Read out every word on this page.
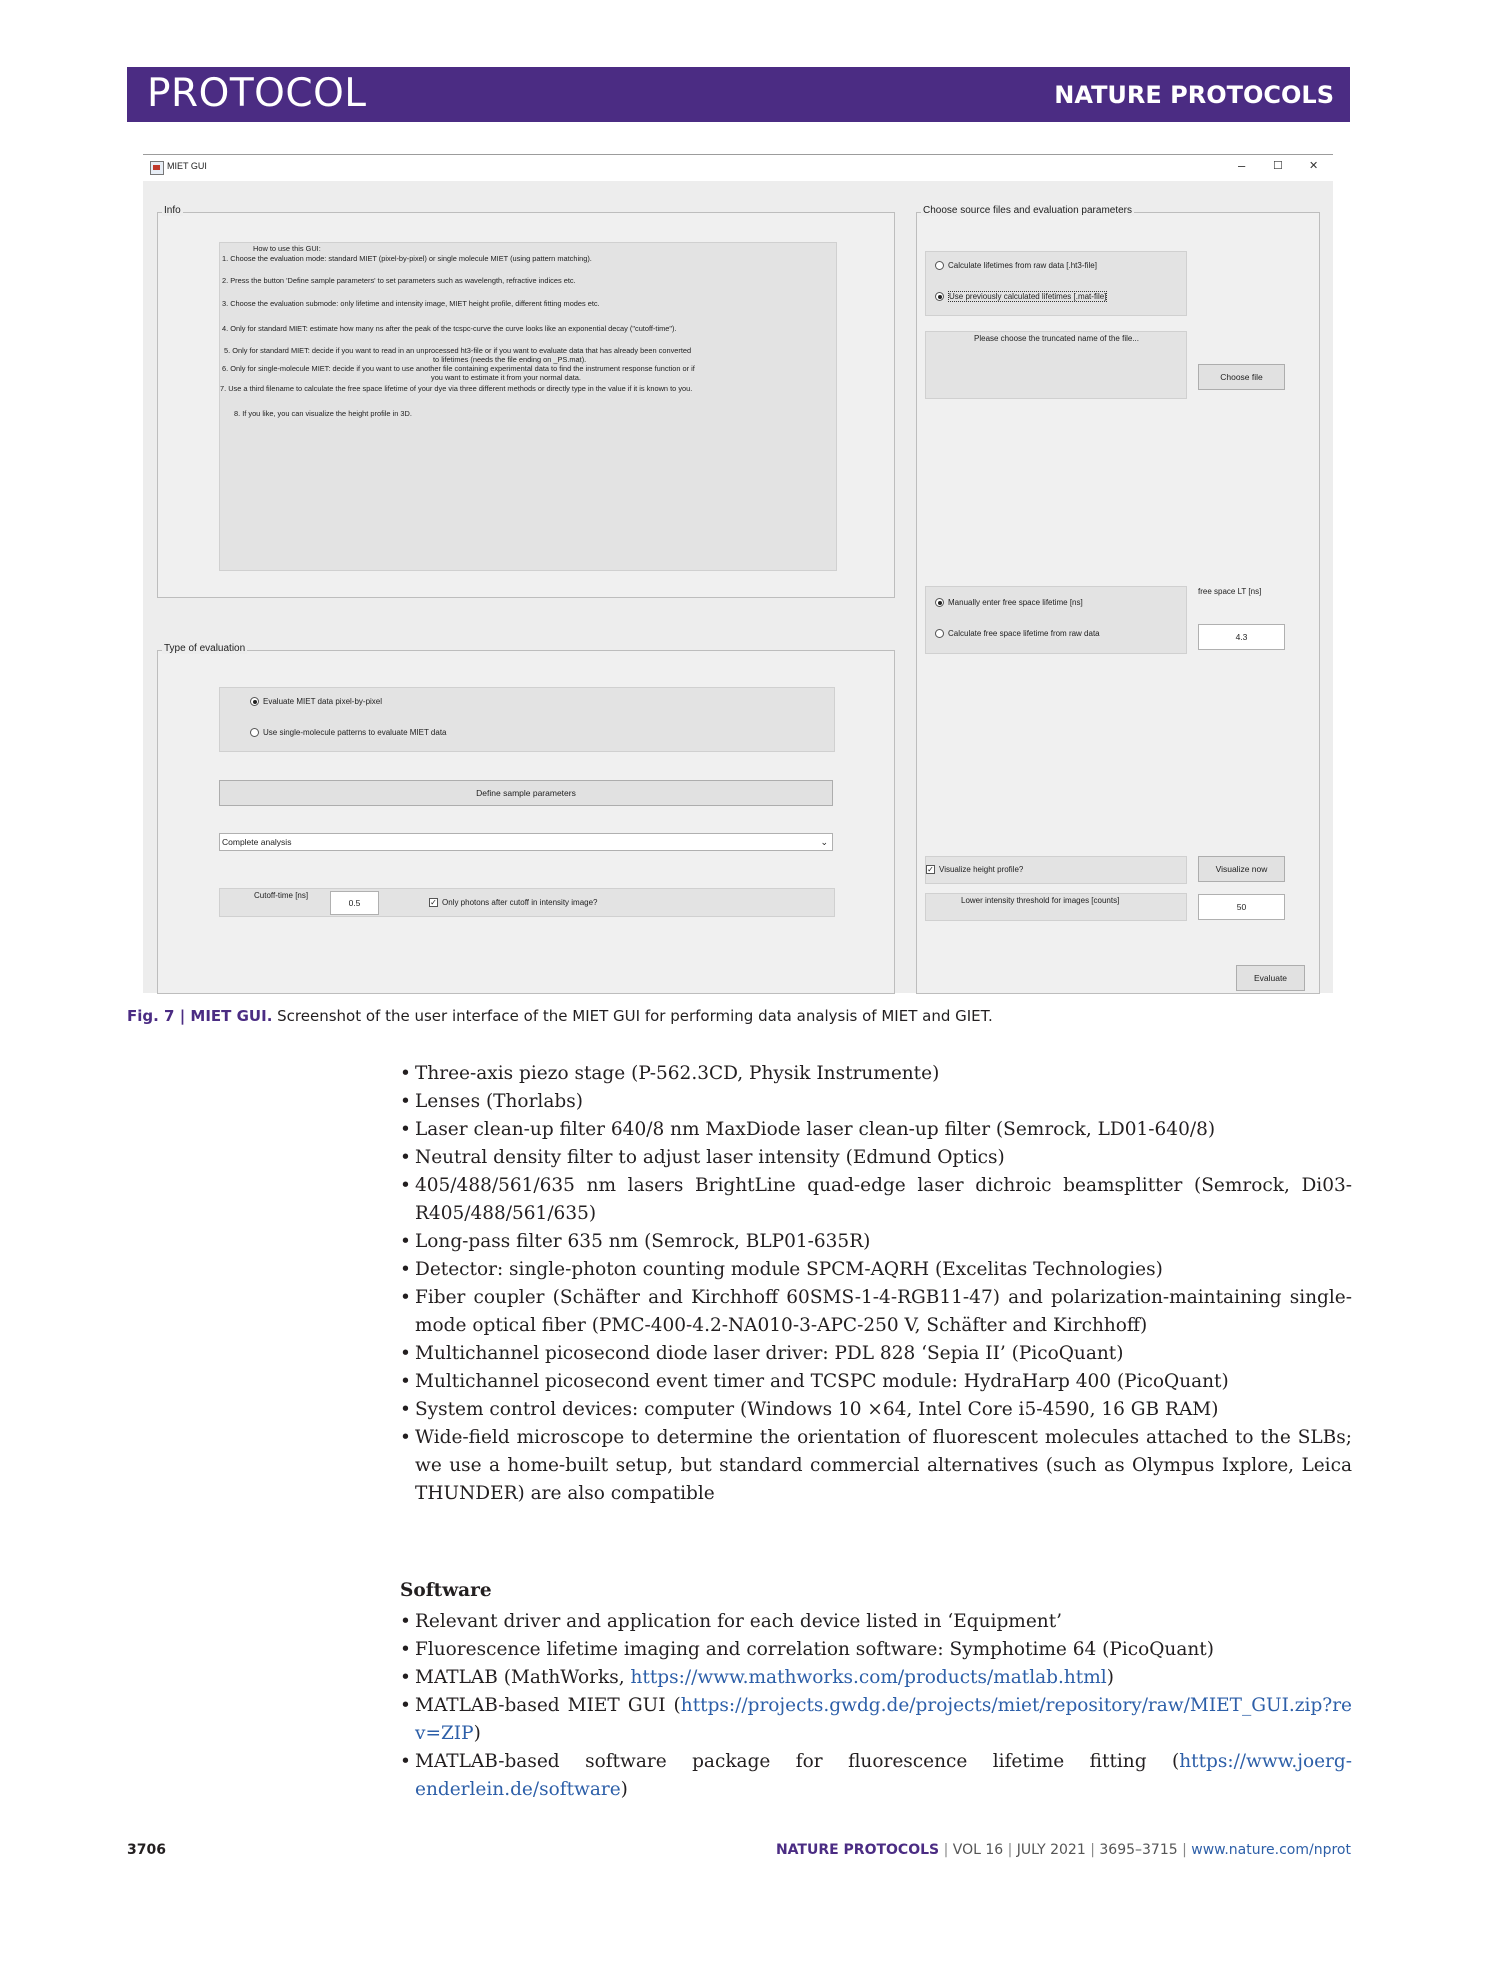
PROTOCOL	NATURE PROTOCOLS
MIET GUI	–	☐ ✕
Info
How to use this GUI:
1. Choose the evaluation mode: standard MIET (pixel-by-pixel) or single molecule MIET (using pattern matching).
2. Press the button 'Define sample parameters' to set parameters such as wavelength, refractive indices etc.
3. Choose the evaluation submode: only lifetime and intensity image, MIET height profile, different fitting modes etc.
4. Only for standard MIET: estimate how many ns after the peak of the tcspc-curve the curve looks like an exponential decay ("cutoff-time").
5. Only for standard MIET: decide if you want to read in an unprocessed ht3-file or if you want to evaluate data that has already been converted
to lifetimes (needs the file ending on _PS.mat).
6. Only for single-molecule MIET: decide if you want to use another file containing experimental data to find the instrument response function or if
you want to estimate it from your normal data.
7. Use a third filename to calculate the free space lifetime of your dye via three different methods or directly type in the value if it is known to you.
8. If you like, you can visualize the height profile in 3D.
Type of evaluation
Evaluate MIET data pixel-by-pixel
Use single-molecule patterns to evaluate MIET data
Define sample parameters
Complete analysis	⌄
Cutoff-time [ns]
✓ Only photons after cutoff in intensity image?
0.5
Choose source files and evaluation parameters
Calculate lifetimes from raw data [.ht3-file]
Use previously calculated lifetimes [.mat-file]
Please choose the truncated name of the file...
Choose file
Manually enter free space lifetime [ns]
Calculate free space lifetime from raw data
free space LT [ns]
4.3
✓ Visualize height profile?	Visualize now
Lower intensity threshold for images [counts]
50
Evaluate
Fig. 7 | MIET GUI. Screenshot of the user interface of the MIET GUI for performing data analysis of MIET and GIET.
• Three-axis piezo stage (P-562.3CD, Physik Instrumente)
• Lenses (Thorlabs)
• Laser clean-up filter 640/8 nm MaxDiode laser clean-up filter (Semrock, LD01-640/8)
• Neutral density filter to adjust laser intensity (Edmund Optics)
• 405/488/561/635 nm lasers BrightLine quad-edge laser dichroic beamsplitter (Semrock, Di03-R405/488/561/635)
• Long-pass filter 635 nm (Semrock, BLP01-635R)
• Detector: single-photon counting module SPCM-AQRH (Excelitas Technologies)
• Fiber coupler (Schäfter and Kirchhoff 60SMS-1-4-RGB11-47) and polarization-maintaining single-mode optical fiber (PMC-400-4.2-NA010-3-APC-250 V, Schäfter and Kirchhoff)
• Multichannel picosecond diode laser driver: PDL 828 ‘Sepia II’ (PicoQuant)
• Multichannel picosecond event timer and TCSPC module: HydraHarp 400 (PicoQuant)
• System control devices: computer (Windows 10 ×64, Intel Core i5-4590, 16 GB RAM)
• Wide-field microscope to determine the orientation of fluorescent molecules attached to the SLBs; we use a home-built setup, but standard commercial alternatives (such as Olympus Ixplore, Leica THUNDER) are also compatible
Software
• Relevant driver and application for each device listed in ‘Equipment’
• Fluorescence lifetime imaging and correlation software: Symphotime 64 (PicoQuant)
• MATLAB (MathWorks, https://www.mathworks.com/products/matlab.html)
• MATLAB-based MIET GUI (https://projects.gwdg.de/projects/miet/repository/raw/MIET_GUI.zip?rev=ZIP)
• MATLAB-based software package for fluorescence lifetime fitting (https://www.joerg-enderlein.de/software)
3706	NATURE PROTOCOLS | VOL 16 | JULY 2021 | 3695–3715 | www.nature.com/nprot
